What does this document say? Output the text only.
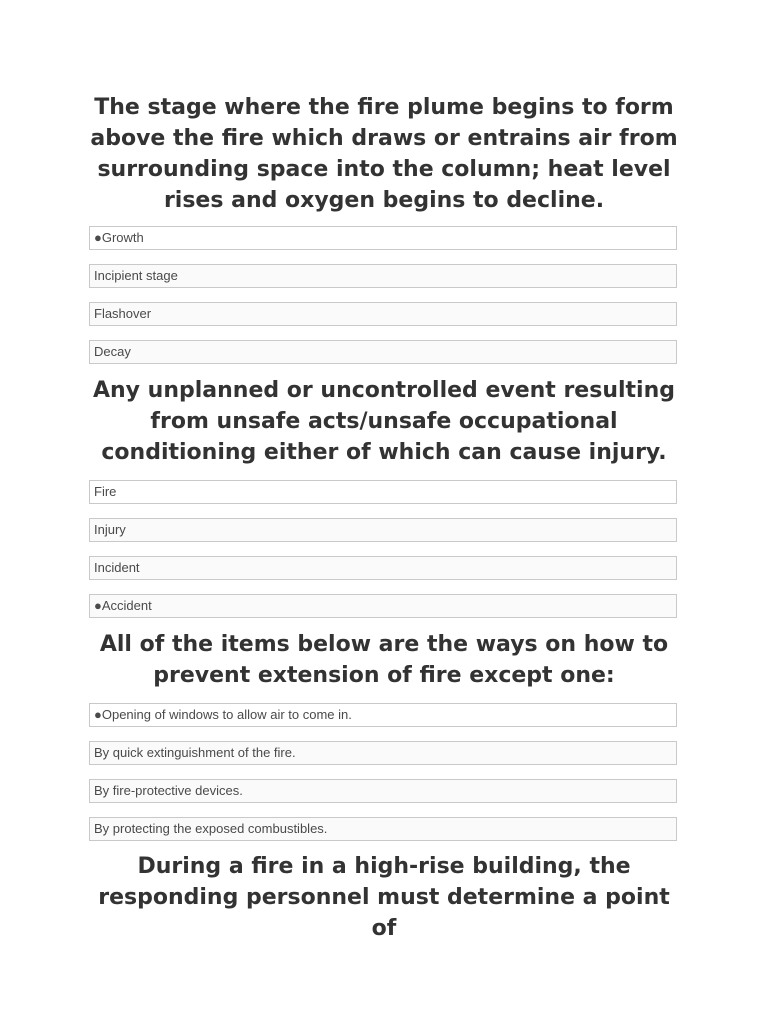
The stage where the fire plume begins to form above the fire which draws or entrains air from surrounding space into the column; heat level rises and oxygen begins to decline.
●Growth
Incipient stage
Flashover
Decay
Any unplanned or uncontrolled event resulting from unsafe acts/unsafe occupational conditioning either of which can cause injury.
Fire
Injury
Incident
●Accident
All of the items below are the ways on how to prevent extension of fire except one:
●Opening of windows to allow air to come in.
By quick extinguishment of the fire.
By fire-protective devices.
By protecting the exposed combustibles.
During a fire in a high-rise building, the responding personnel must determine a point of
